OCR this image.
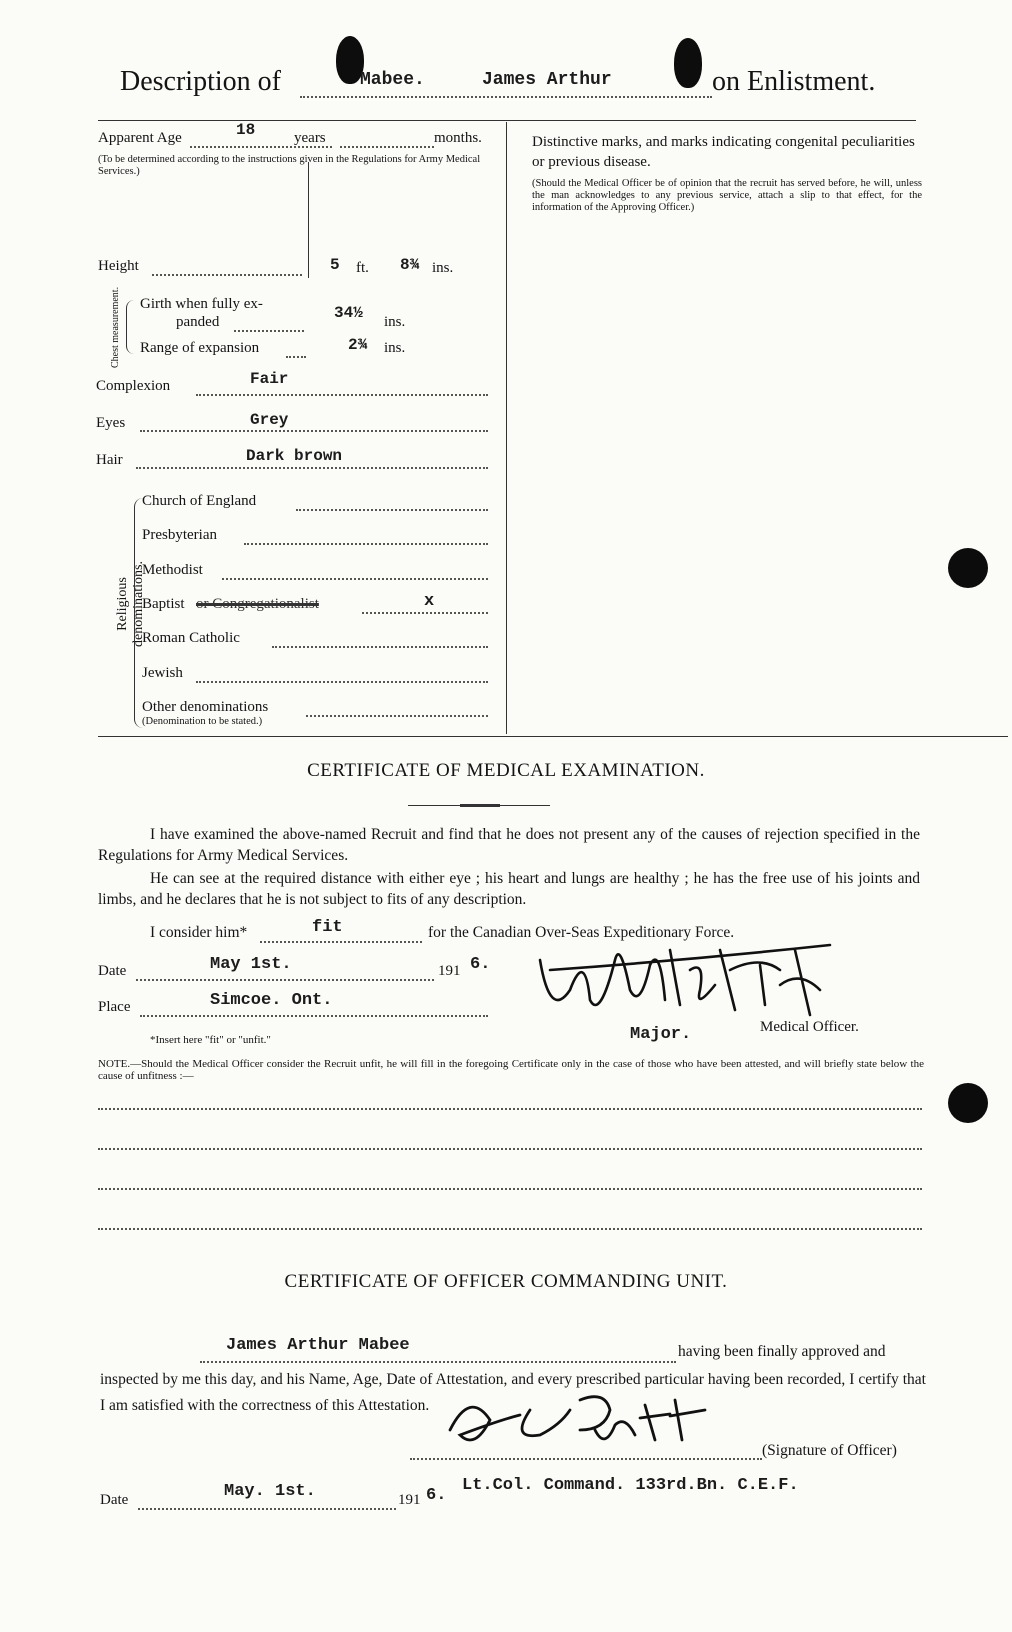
Description of	Mabee.	James Arthur	on Enlistment.
Apparent Age	18	years	months.
(To be determined according to the instructions given in the Regulations for Army Medical Services.)
Height	5 ft. 8¾ ins.
Chest measurement. Girth when fully ex-
panded	34½ ins.
Range of expansion	2¾ ins.
Complexion	Fair
Eyes	Grey
Hair	Dark brown
Religious denominations.
Church of England
Presbyterian
Methodist
Baptist or Congregationalist	x
Roman Catholic
Jewish
Other denominations
(Denomination to be stated.)
Distinctive marks, and marks indicating congenital peculiarities or previous disease.
(Should the Medical Officer be of opinion that the recruit has served before, he will, unless the man acknowledges to any previous service, attach a slip to that effect, for the information of the Approving Officer.)
CERTIFICATE OF MEDICAL EXAMINATION.
I have examined the above-named Recruit and find that he does not present any of the causes of rejection specified in the Regulations for Army Medical Services.
He can see at the required distance with either eye ; his heart and lungs are healthy ; he has the free use of his joints and limbs, and he declares that he is not subject to fits of any description.
I consider him*	fit	for the Canadian Over-Seas Expeditionary Force.
Date	May 1st.	191 6.
Place	Simcoe. Ont.
*Insert here "fit" or "unfit."	Major.	Medical Officer.
NOTE.—Should the Medical Officer consider the Recruit unfit, he will fill in the foregoing Certificate only in the case of those who have been attested, and will briefly state below the cause of unfitness :—
CERTIFICATE OF OFFICER COMMANDING UNIT.
James Arthur Mabee	having been finally approved and
inspected by me this day, and his Name, Age, Date of Attestation, and every prescribed particular having been recorded, I certify that I am satisfied with the correctness of this Attestation.
(Signature of Officer)
Date	May. 1st.	191 6.
Lt.Col. Command. 133rd.Bn. C.E.F.
